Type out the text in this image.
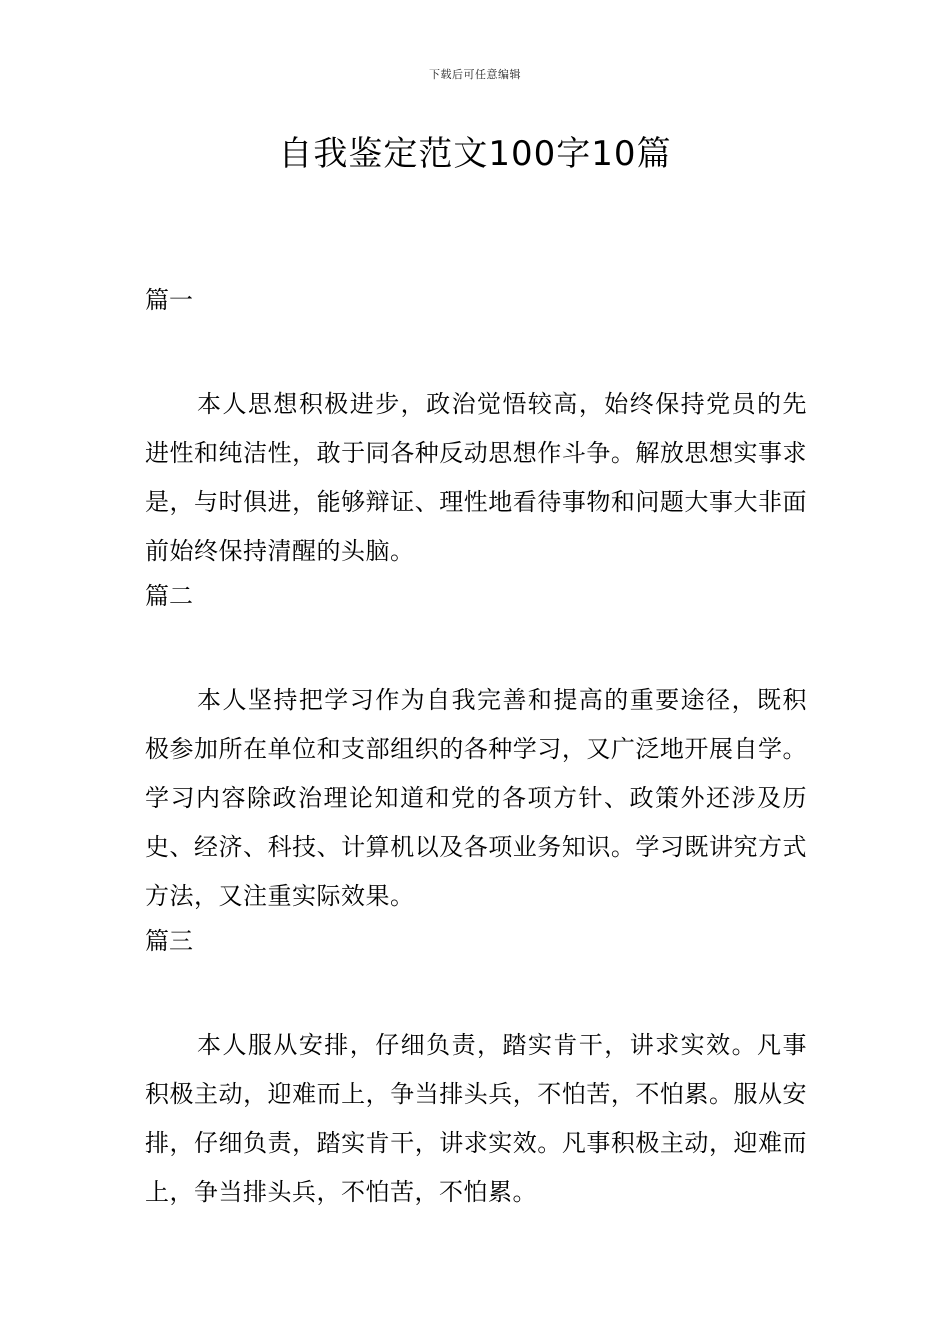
下载后可任意编辑
自我鉴定范文100字10篇
篇一

本人思想积极进步，政治觉悟较高，始终保持党员的先进性和纯洁性，敢于同各种反动思想作斗争。解放思想实事求是，与时俱进，能够辩证、理性地看待事物和问题大事大非面前始终保持清醒的头脑。

篇二

本人坚持把学习作为自我完善和提高的重要途径，既积极参加所在单位和支部组织的各种学习，又广泛地开展自学。学习内容除政治理论知道和党的各项方针、政策外还涉及历史、经济、科技、计算机以及各项业务知识。学习既讲究方式方法，又注重实际效果。

篇三

本人服从安排，仔细负责，踏实肯干，讲求实效。凡事积极主动，迎难而上，争当排头兵，不怕苦，不怕累。服从安排，仔细负责，踏实肯干，讲求实效。凡事积极主动，迎难而上，争当排头兵，不怕苦，不怕累。
